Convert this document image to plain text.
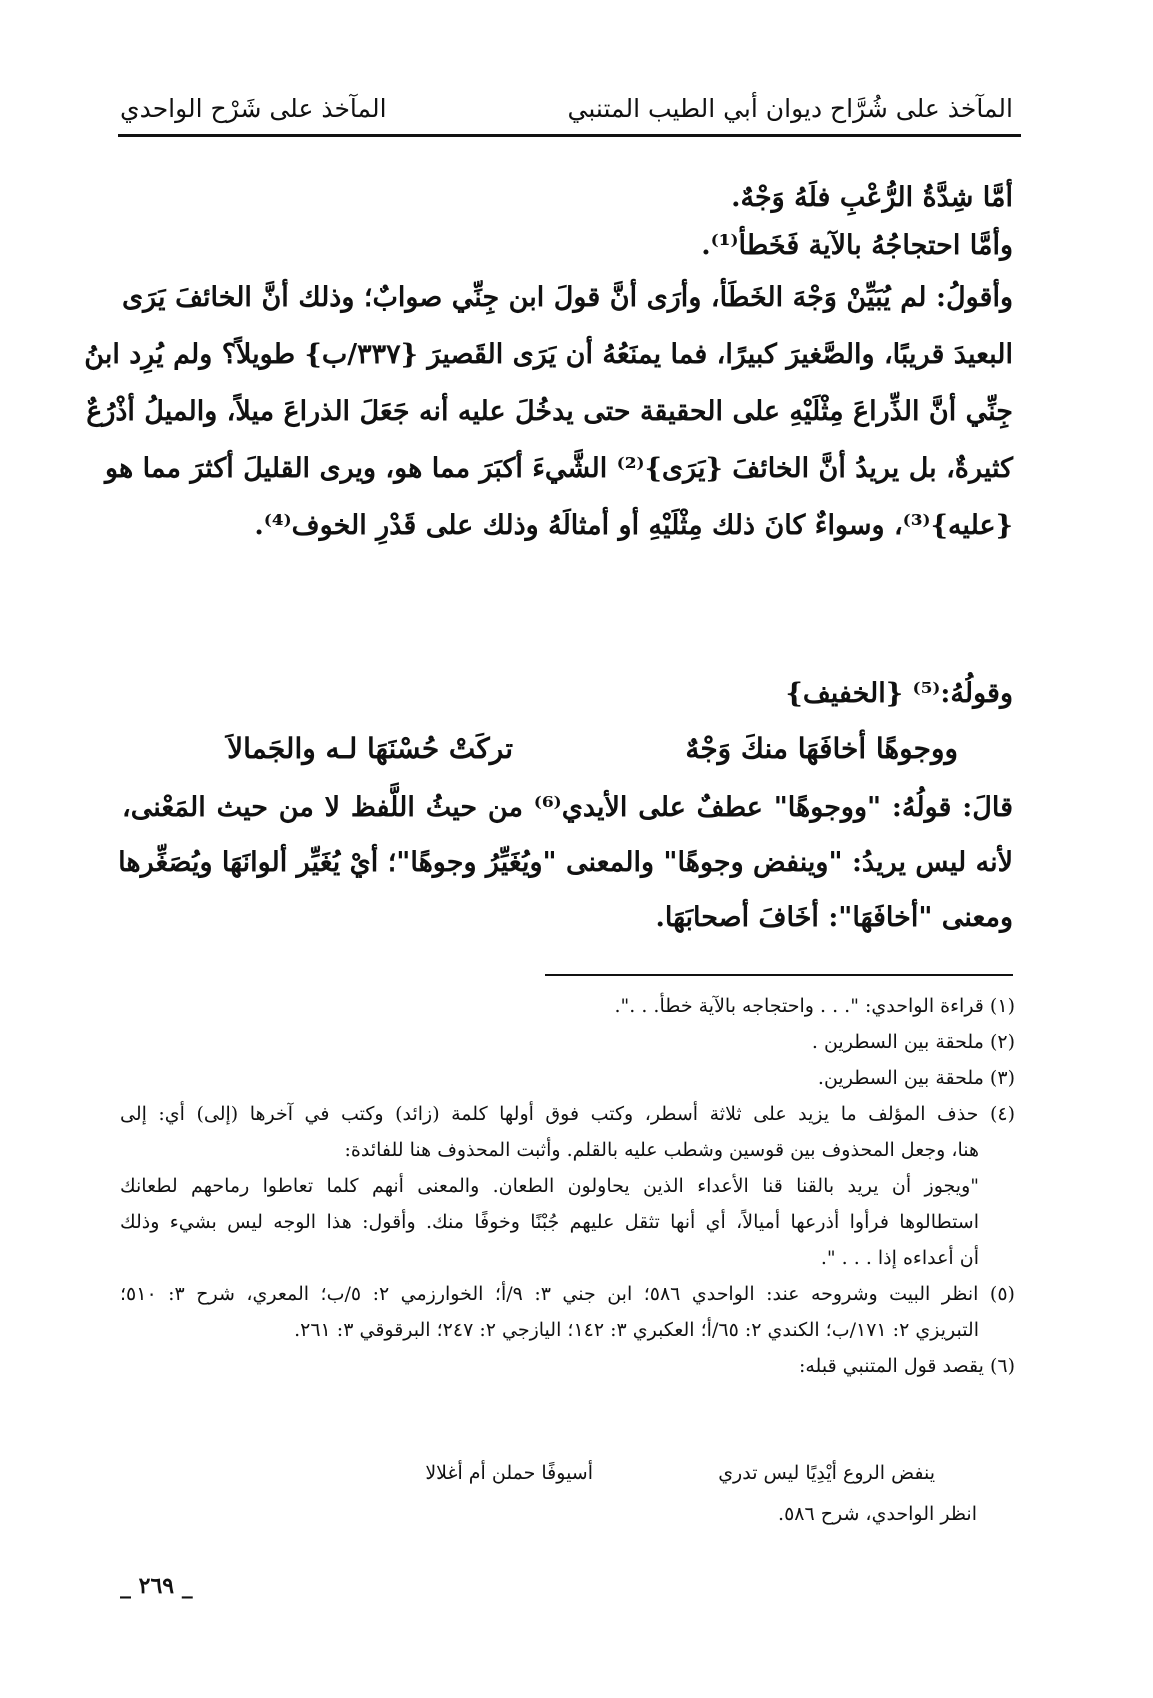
المآخذ على شُرَّاح ديوان أبي الطيب المتنبي
المآخذ على شَرْح الواحدي
أمَّا شِدَّةُ الرُّعْبِ فلَهُ وَجْهٌ.
وأمَّا احتجاجُهُ بالآية فَخَطأ⁽¹⁾.
وأقولُ: لم يُبَيِّنْ وَجْهَ الخَطَأ، وأرَى أنَّ قولَ ابن جِنِّي صوابٌ؛ وذلك أنَّ الخائفَ يَرَى
البعيدَ قريبًا، والصَّغيرَ كبيرًا، فما يمنَعُهُ أن يَرَى القَصيرَ {٣٣٧/ب} طويلاً؟ ولم يُرِد ابنُ
جِنِّي أنَّ الذِّراعَ مِثْلَيْهِ على الحقيقة حتى يدخُلَ عليه أنه جَعَلَ الذراعَ ميلاً، والميلُ أذْرُعٌ
كثيرةٌ، بل يريدُ أنَّ الخائفَ {يَرَى}⁽²⁾ الشَّيءَ أكبَرَ مما هو، ويرى القليلَ أكثرَ مما هو
{عليه}⁽³⁾، وسواءٌ كانَ ذلك مِثْلَيْهِ أو أمثالَهُ وذلك على قَدْرِ الخوف⁽⁴⁾.
وقولُهُ:⁽⁵⁾ {الخفيف}
ووجوهًا أخافَهَا منكَ وَجْهٌ
تركَتْ حُسْنَهَا لـه والجَمالاَ
قالَ: قولُهُ: "ووجوهًا" عطفٌ على الأيدي⁽⁶⁾ من حيثُ اللَّفظ لا من حيث المَعْنى،
لأنه ليس يريدُ: "وينفض وجوهًا" والمعنى "ويُغَيِّرُ وجوهًا"؛ أيْ يُغَيِّر ألوانَهَا ويُصَغِّرها
ومعنى "أخافَهَا": أخَافَ أصحابَهَا.
(١) قراءة الواحدي: ". . . واحتجاجه بالآية خطأ. . .".
(٢) ملحقة بين السطرين .
(٣) ملحقة بين السطرين.
(٤) حذف المؤلف ما يزيد على ثلاثة أسطر، وكتب فوق أولها كلمة (زائد) وكتب في آخرها (إلى) أي: إلى
هنا، وجعل المحذوف بين قوسين وشطب عليه بالقلم. وأثبت المحذوف هنا للفائدة:
"ويجوز أن يريد بالقنا قنا الأعداء الذين يحاولون الطعان. والمعنى أنهم كلما تعاطوا رماحهم لطعانك
استطالوها فرأوا أذرعها أميالاً، أي أنها تثقل عليهم جُبْنًا وخوفًا منك. وأقول: هذا الوجه ليس بشيء وذلك
أن أعداءه إذا . . . ".
(٥) انظر البيت وشروحه عند: الواحدي ٥٨٦؛ ابن جني ٣: ٩/أ؛ الخوارزمي ٢: ٥/ب؛ المعري، شرح ٣: ٥١٠؛
التبريزي ٢: ١٧١/ب؛ الكندي ٢: ٦٥/أ؛ العكبري ٣: ١٤٢؛ اليازجي ٢: ٢٤٧؛ البرقوقي ٣: ٢٦١.
(٦) يقصد قول المتنبي قبله:
ينفض الروع أيْدِيًا ليس تدري
أسيوفًا حملن أم أغلالا
انظر الواحدي، شرح ٥٨٦.
_ ٢٦٩ _
